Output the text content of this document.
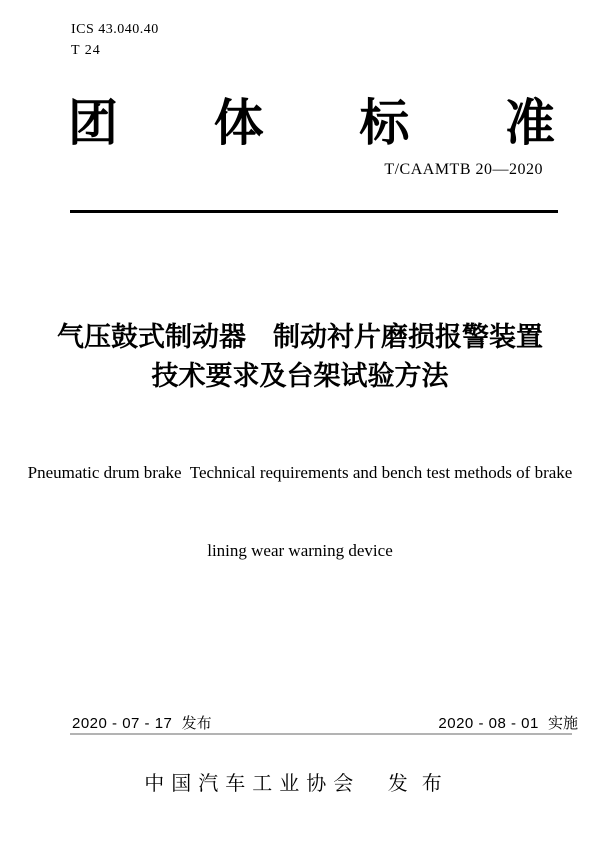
ICS 43.040.40
T 24
团 体 标 准
T/CAAMTB 20—2020
气压鼓式制动器　制动衬片磨损报警装置
技术要求及台架试验方法

Pneumatic drum brake  Technical requirements and bench test methods of brake

lining wear warning device

2020 - 07 - 17 发布	2020 - 08 - 01 实施
中国汽车工业协会 发布
